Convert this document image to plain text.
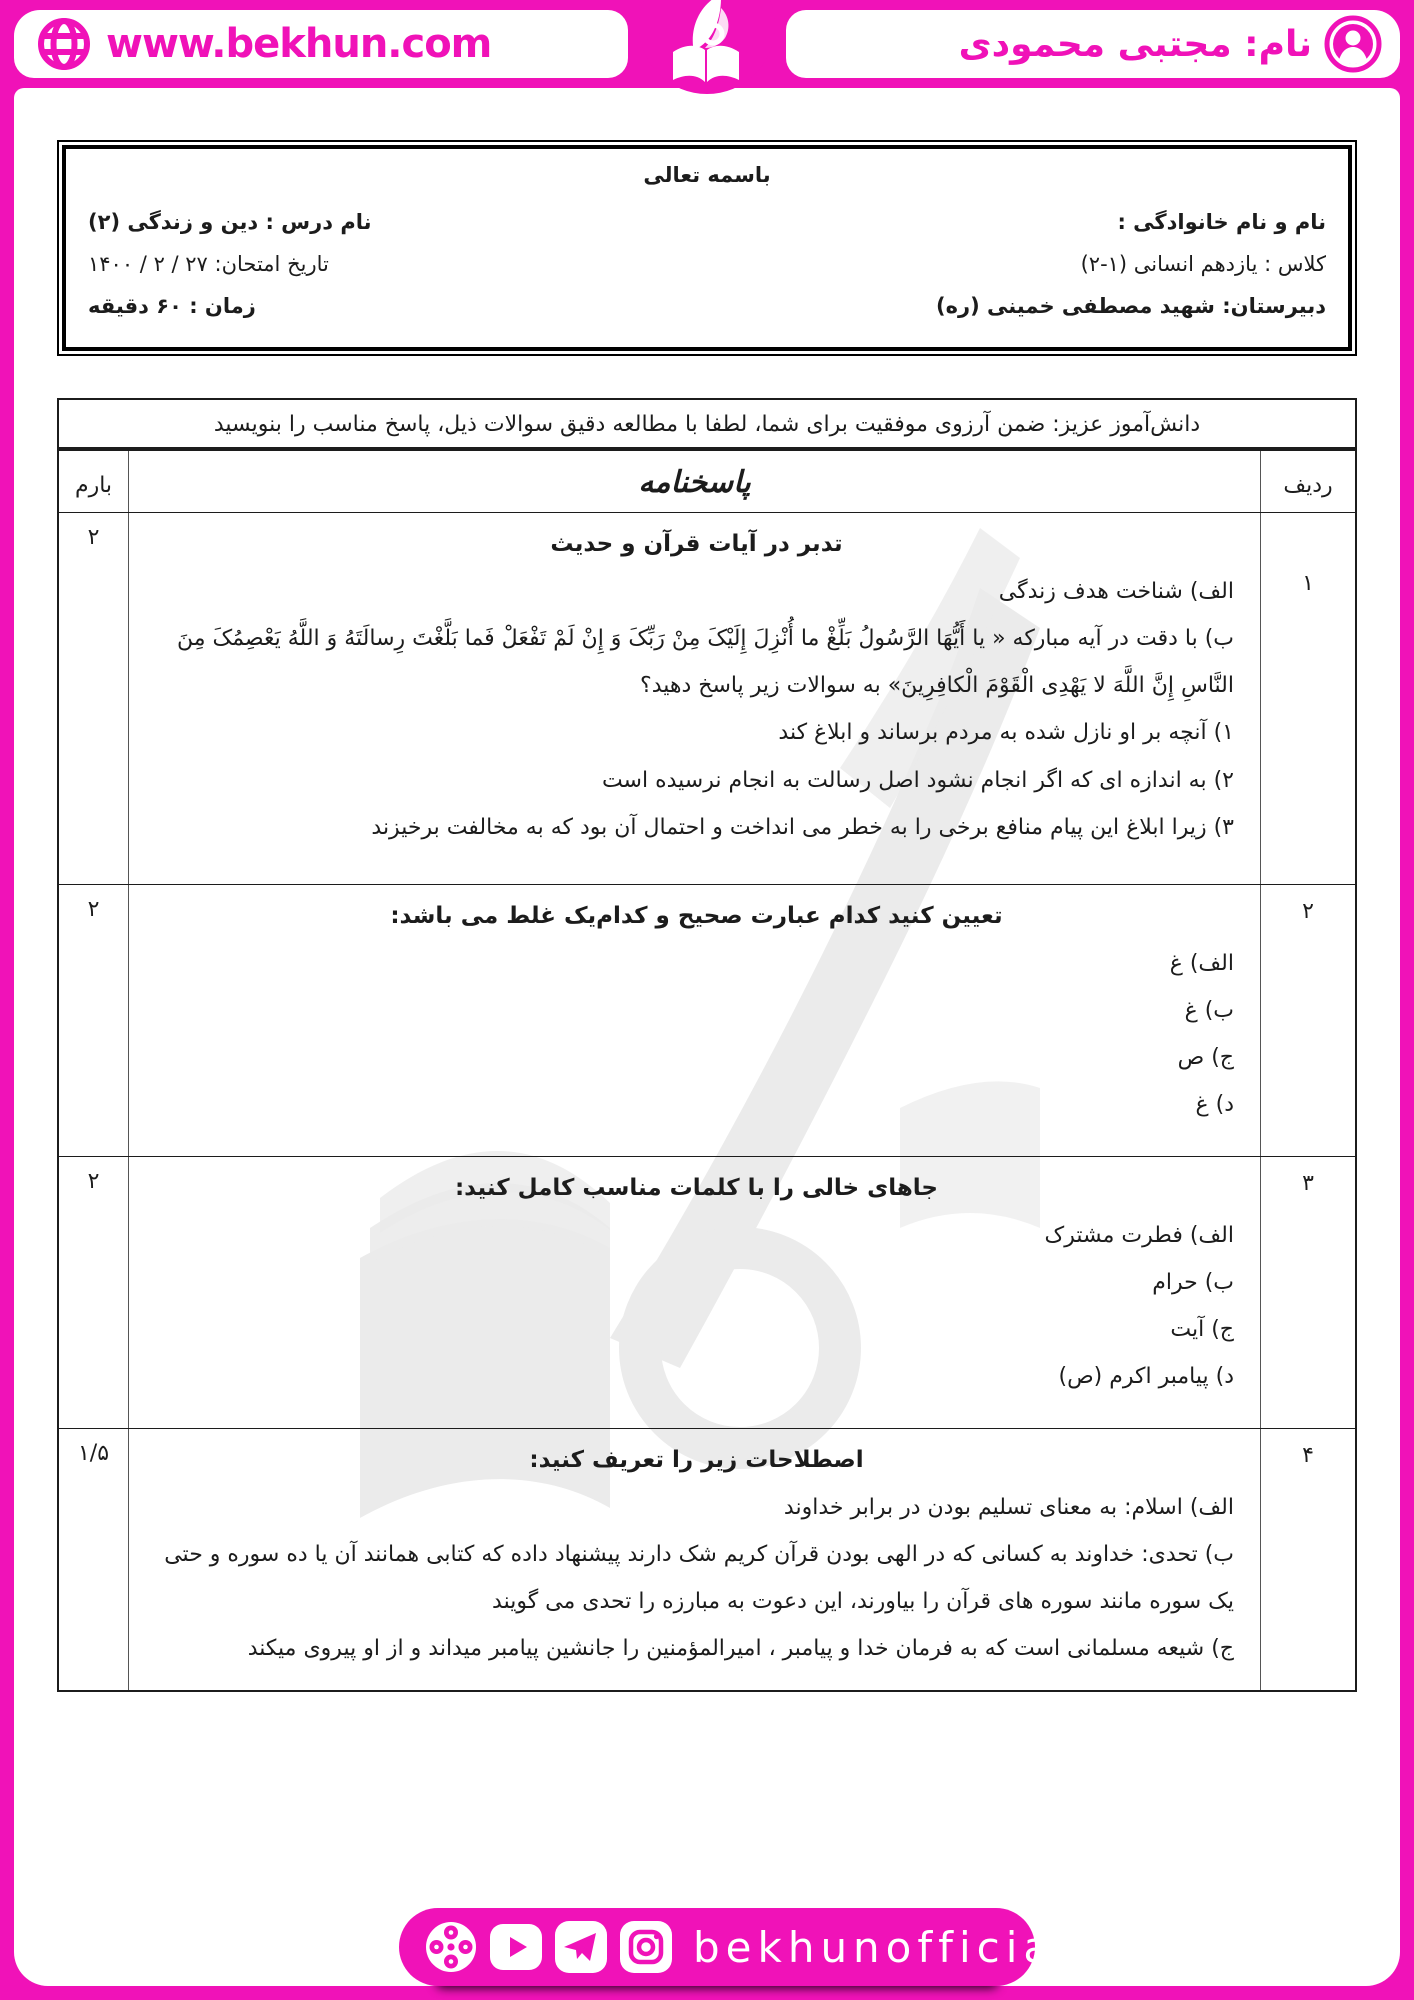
www.bekhun.com	نام: مجتبی محمودی
باسمه تعالی
نام و نام خانوادگی :
نام درس : دین و زندگی (۲)
کلاس : یازدهم انسانی (۱-۲)
تاریخ امتحان: ۲۷ / ۲ / ۱۴۰۰
دبیرستان: شهید مصطفی خمینی (ره)
زمان : ۶۰ دقیقه
دانش‌آموز عزیز: ضمن آرزوی موفقیت برای شما، لطفا با مطالعه دقیق سوالات ذیل، پاسخ مناسب را بنویسید
ردیف
پاسخنامه
بارم
۱
تدبر در آیات قرآن و حدیث
الف) شناخت هدف زندگی
ب) با دقت در آیه مبارکه « یا أَیُّهَا الرَّسُولُ بَلِّغْ ما أُنْزِلَ إِلَیْکَ مِنْ رَبِّکَ وَ إِنْ لَمْ تَفْعَلْ فَما بَلَّغْتَ رِسالَتَهُ وَ اللَّهُ یَعْصِمُکَ مِنَ النَّاسِ إِنَّ اللَّهَ لا یَهْدِی الْقَوْمَ الْکافِرِینَ» به سوالات زیر پاسخ دهید؟
۱) آنچه بر او نازل شده به مردم برساند و ابلاغ کند
۲) به اندازه ای که اگر انجام نشود اصل رسالت به انجام نرسیده است
۳) زیرا ابلاغ این پیام منافع برخی را به خطر می انداخت و احتمال آن بود که به مخالفت برخیزند
۲
۲
تعیین کنید کدام عبارت صحیح و کدام‌یک غلط می باشد:
الف) غ
ب) غ
ج) ص
د) غ
۲
۳
جاهای خالی را با کلمات مناسب کامل کنید:
الف) فطرت مشترک
ب) حرام
ج) آیت
د) پیامبر اکرم (ص)
۲
۴
اصطلاحات زیر را تعریف کنید:
الف) اسلام: به معنای تسلیم بودن در برابر خداوند
ب) تحدی: خداوند به کسانی که در الهی بودن قرآن کریم شک دارند پیشنهاد داده که کتابی همانند آن یا ده سوره و حتی یک سوره مانند سوره های قرآن را بیاورند، این دعوت به مبارزه را تحدی می گویند
ج) شیعه مسلمانی است که به فرمان خدا و پیامبر ، امیرالمؤمنین را جانشین پیامبر میداند و از او پیروی میکند
۱/۵
bekhunofficial
